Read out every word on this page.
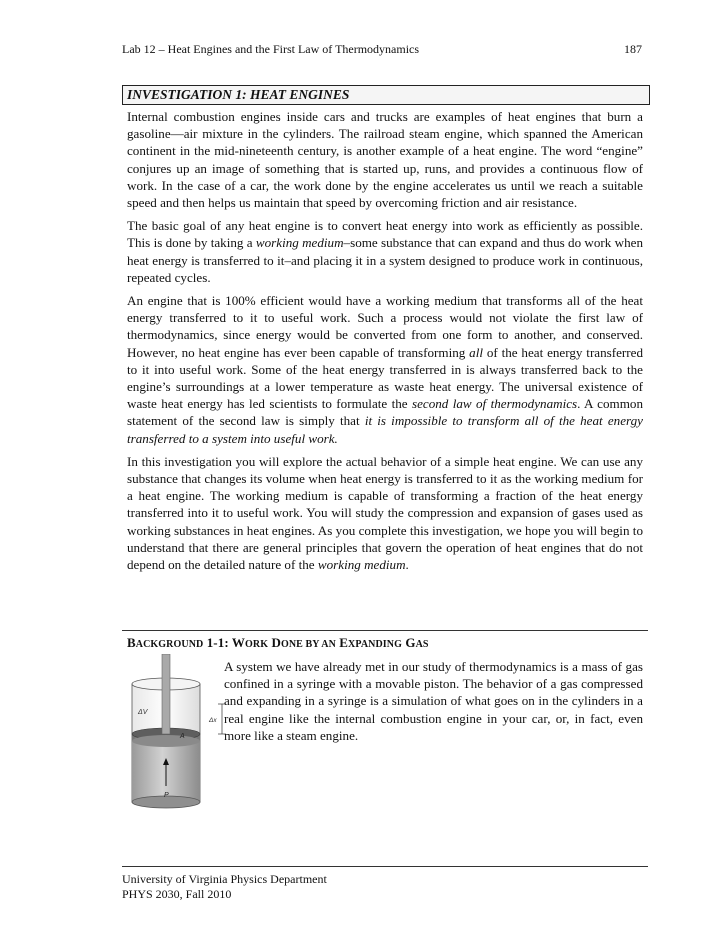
Lab 12 – Heat Engines and the First Law of Thermodynamics	187
INVESTIGATION 1: HEAT ENGINES

Internal combustion engines inside cars and trucks are examples of heat engines that burn a gasoline—air mixture in the cylinders. The railroad steam engine, which spanned the American continent in the mid-nineteenth century, is another example of a heat engine. The word “engine” conjures up an image of something that is started up, runs, and provides a continuous flow of work. In the case of a car, the work done by the engine accelerates us until we reach a suitable speed and then helps us maintain that speed by overcoming friction and air resistance.

The basic goal of any heat engine is to convert heat energy into work as efficiently as possible. This is done by taking a working medium–some substance that can expand and thus do work when heat energy is transferred to it–and placing it in a system designed to produce work in continuous, repeated cycles.

An engine that is 100% efficient would have a working medium that transforms all of the heat energy transferred to it to useful work. Such a process would not violate the first law of thermodynamics, since energy would be converted from one form to another, and conserved. However, no heat engine has ever been capable of transforming all of the heat energy transferred to it into useful work. Some of the heat energy transferred in is always transferred back to the engine’s surroundings at a lower temperature as waste heat energy. The universal existence of waste heat energy has led scientists to formulate the second law of thermodynamics. A common statement of the second law is simply that it is impossible to transform all of the heat energy transferred to a system into useful work.

In this investigation you will explore the actual behavior of a simple heat engine. We can use any substance that changes its volume when heat energy is transferred to it as the working medium for a heat engine. The working medium is capable of transforming a fraction of the heat energy transferred into it to useful work. You will study the compression and expansion of gases used as working substances in heat engines. As you complete this investigation, we hope you will begin to understand that there are general principles that govern the operation of heat engines that do not depend on the detailed nature of the working medium.

BACKGROUND 1-1: WORK DONE BY AN EXPANDING GAS
ΔV
Δx
A
P
A system we have already met in our study of thermodynamics is a mass of gas confined in a syringe with a movable piston. The behavior of a gas compressed and expanding in a syringe is a simulation of what goes on in the cylinders in a real engine like the internal combustion engine in your car, or, in fact, even more like a steam engine.
University of Virginia Physics Department
PHYS 2030, Fall 2010
